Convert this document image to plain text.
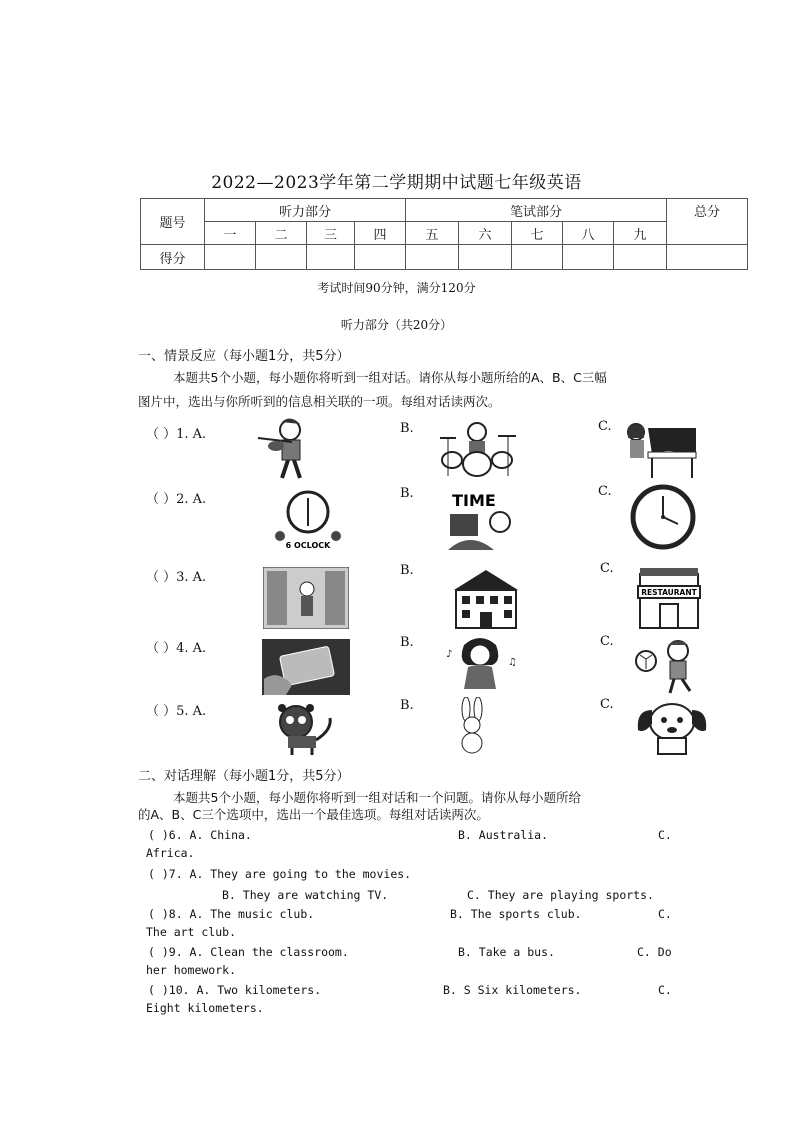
2022—2023学年第二学期期中试题七年级英语
题号	听力部分				笔试部分					总分
	一	二	三	四	五	六	七	八	九	
得分										
考试时间90分钟，满分120分
听力部分（共20分）
一、情景反应（每小题1分，共5分）
本题共5个小题，每小题你将听到一组对话。请你从每小题所给的A、B、C三幅
图片中，选出与你所听到的信息相关联的一项。每组对话读两次。
（ ）1. A.	B.	C.
（ ）2. A.	B.	C.
6 OCLOCK
TIME
（ ）3. A.	B.	C.
RESTAURANT
（ ）4. A.	B.	C.
♪
♫
（ ）5. A.	B.	C.
二、对话理解（每小题1分，共5分）
本题共5个小题，每小题你将听到一组对话和一个问题。请你从每小题所给
的A、B、C三个选项中，选出一个最佳选项。每组对话读两次。
( )6. A. China.	B. Australia.	C.
Africa.
( )7. A. They are going to the movies.
B. They are watching TV.	C. They are playing sports.
( )8. A. The music club.	B. The sports club.	C.
The art club.
( )9. A. Clean the classroom.	B. Take a bus.	C. Do
her homework.
( )10. A. Two kilometers.	B. S Six kilometers.	C.
Eight kilometers.
